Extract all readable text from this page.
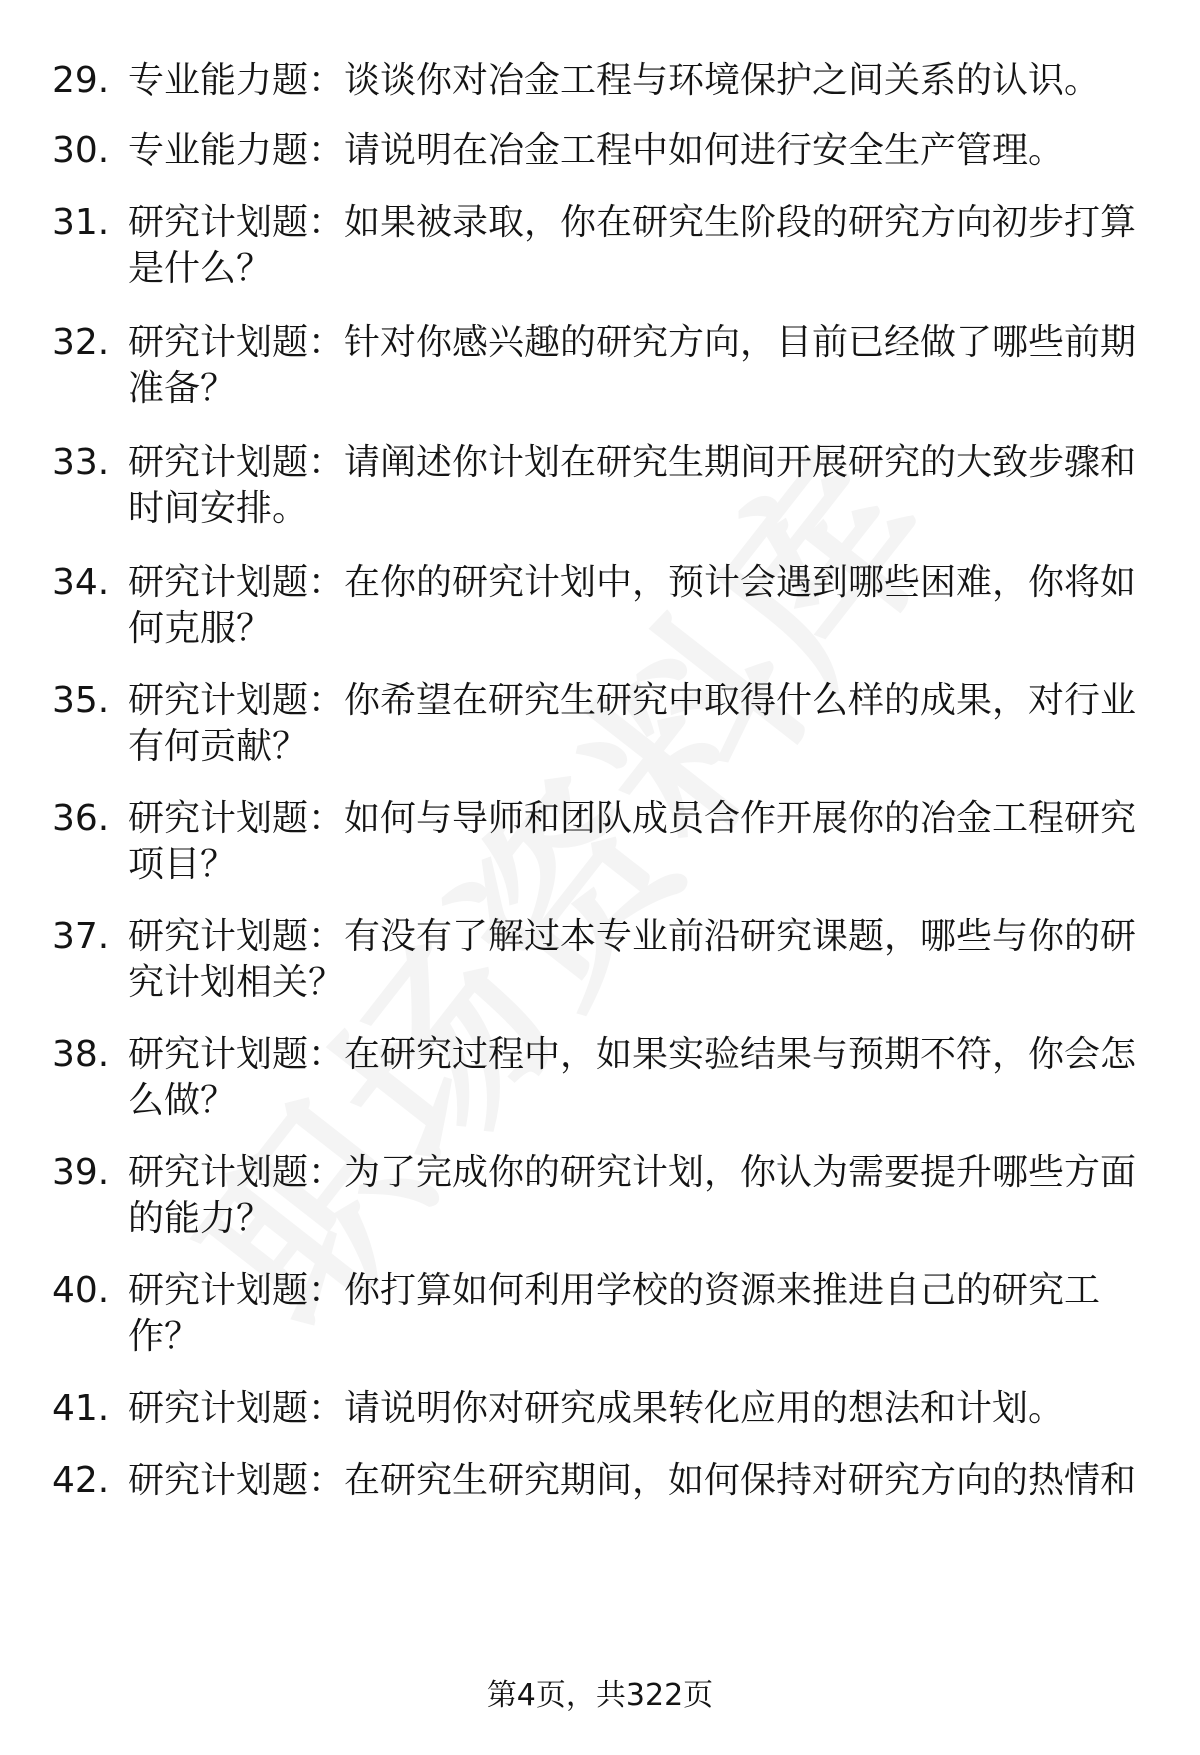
29. 专业能力题：谈谈你对冶金工程与环境保护之间关系的认识。
30. 专业能力题：请说明在冶金工程中如何进行安全生产管理。
31. 研究计划题：如果被录取，你在研究生阶段的研究方向初步打算是什么？
32. 研究计划题：针对你感兴趣的研究方向，目前已经做了哪些前期准备？
33. 研究计划题：请阐述你计划在研究生期间开展研究的大致步骤和时间安排。
34. 研究计划题：在你的研究计划中，预计会遇到哪些困难，你将如何克服？
35. 研究计划题：你希望在研究生研究中取得什么样的成果，对行业有何贡献？
36. 研究计划题：如何与导师和团队成员合作开展你的冶金工程研究项目？
37. 研究计划题：有没有了解过本专业前沿研究课题，哪些与你的研究计划相关？
38. 研究计划题：在研究过程中，如果实验结果与预期不符，你会怎么做？
39. 研究计划题：为了完成你的研究计划，你认为需要提升哪些方面的能力？
40. 研究计划题：你打算如何利用学校的资源来推进自己的研究工作？
41. 研究计划题：请说明你对研究成果转化应用的想法和计划。
42. 研究计划题：在研究生研究期间，如何保持对研究方向的热情和
第4页，共322页
